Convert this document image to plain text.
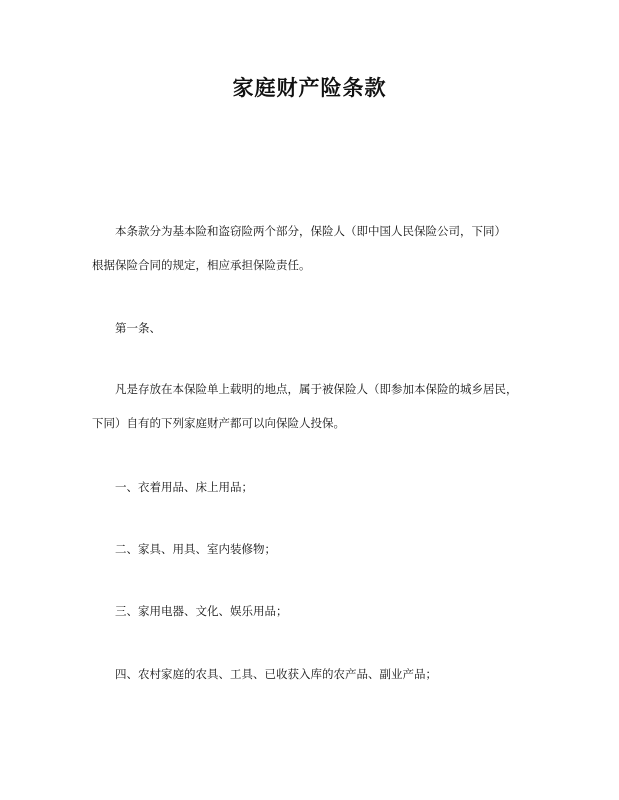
家庭财产险条款
本条款分为基本险和盗窃险两个部分，保险人（即中国人民保险公司，下同）
根据保险合同的规定，相应承担保险责任。
第一条、
凡是存放在本保险单上载明的地点，属于被保险人（即参加本保险的城乡居民，
下同）自有的下列家庭财产都可以向保险人投保。
一、衣着用品、床上用品；
二、家具、用具、室内装修物；
三、家用电器、文化、娱乐用品；
四、农村家庭的农具、工具、已收获入库的农产品、副业产品；
